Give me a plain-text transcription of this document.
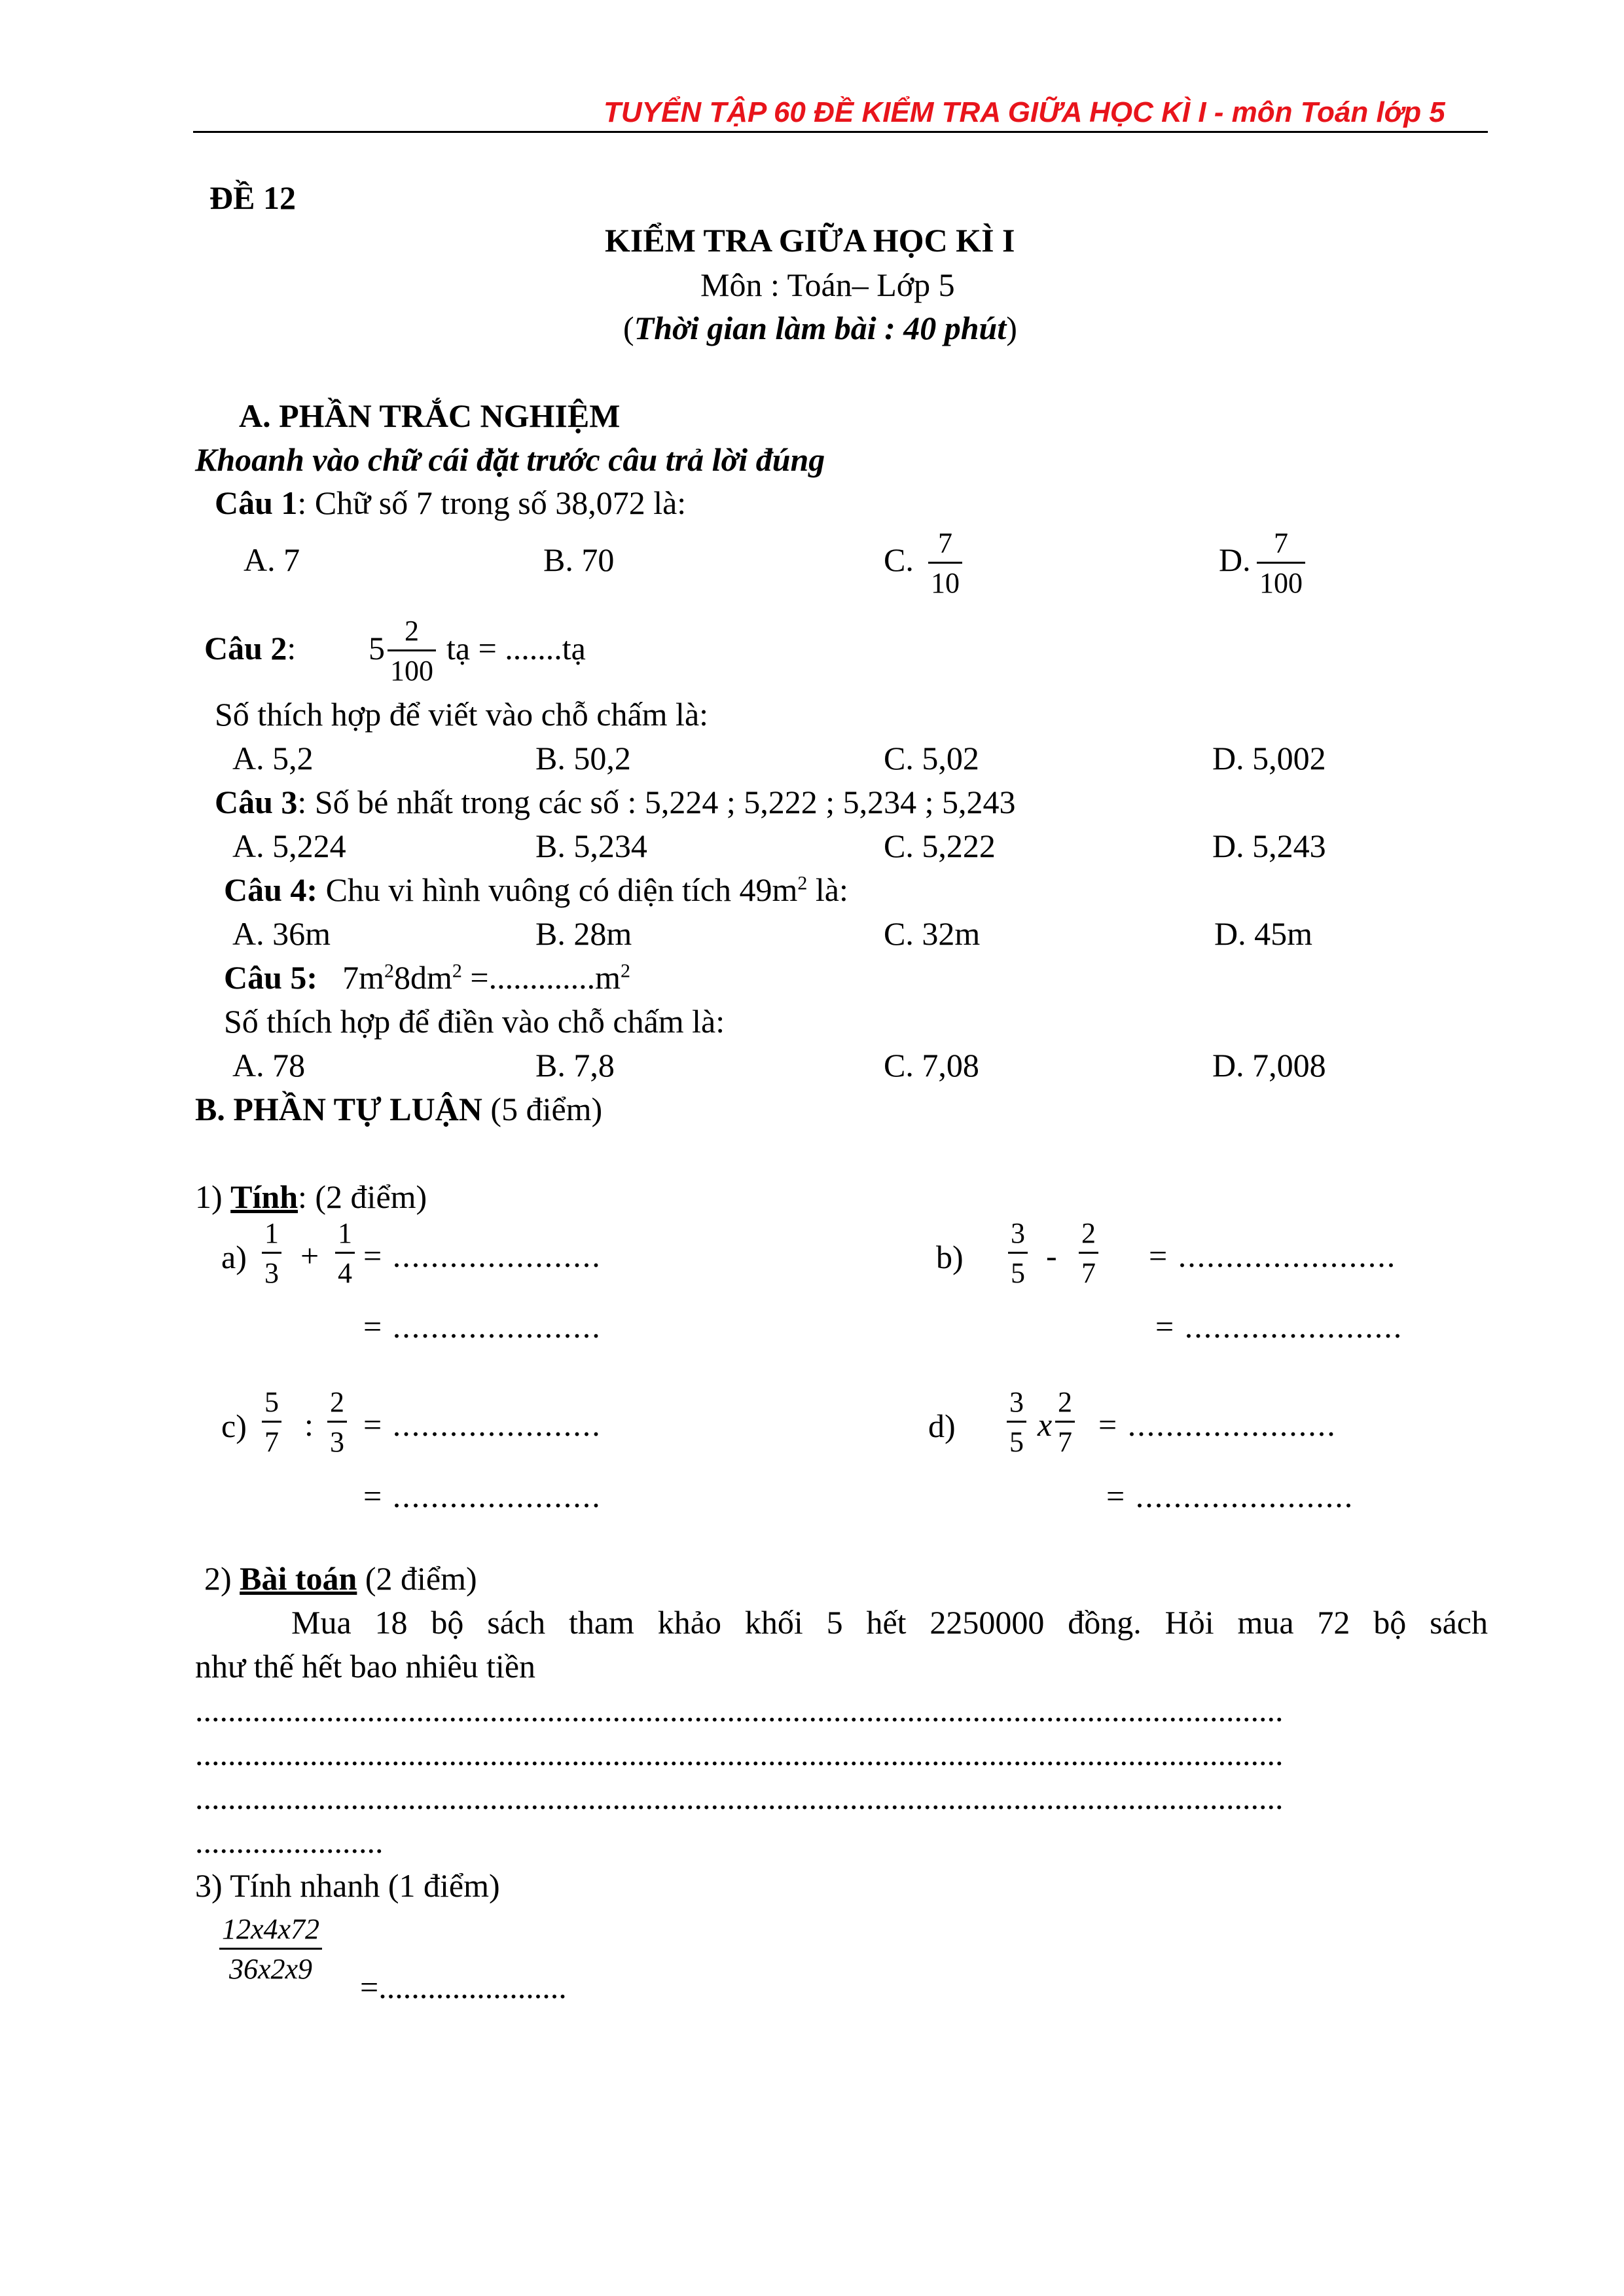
TUYỂN TẬP 60 ĐỀ KIỂM TRA GIỮA HỌC KÌ I - môn Toán lớp 5
ĐỀ 12
KIỂM TRA GIỮA HỌC KÌ I
Môn : Toán– Lớp 5
(Thời gian làm bài : 40 phút)
A. PHẦN TRẮC NGHIỆM
Khoanh vào chữ cái đặt trước câu trả lời đúng
Câu 1: Chữ số 7 trong số 38,072 là:
A. 7	B. 70	C. $\frac{7}{10}$	D. $\frac{7}{100}$
Câu 2: $5 \frac{2}{100}$ tạ = .......tạ
Số thích hợp để viết vào chỗ chấm là:
A. 5,2	B. 50,2	C. 5,02	D. 5,002
Câu 3: Số bé nhất trong các số : 5,224 ; 5,222 ; 5,234 ; 5,243
A. 5,224	B. 5,234	C. 5,222	D. 5,243
Câu 4: Chu vi hình vuông có diện tích $49m^2$ là:
A. 36m	B. 28m	C. 32m	D. 45m
Câu 5: $7m^28dm^2 =.............m^2$
Số thích hợp để điền vào chỗ chấm là:
A. 78	B. 7,8	C. 7,08	D. 7,008
B. PHẦN TỰ LUẬN (5 điểm)
1) Tính: (2 điểm)
$a) \frac{1}{3} + \frac{1}{4}$ = ......................
= ......................
$b) \frac{3}{5} - \frac{2}{7}$ = .......................
= .......................
$c) \frac{5}{7}$ : $\frac{2}{3}$ = ......................
= ......................
$d) \frac{3}{5}$ x $\frac{2}{7}$ = ......................
= .......................
2) Bài toán (2 điểm)
Mua 18 bộ sách tham khảo khối 5 hết 2250000 đồng. Hỏi mua 72 bộ sách
như thế hết bao nhiêu tiền
.....................................................................................................................................
.....................................................................................................................................
.....................................................................................................................................
.......................
3) Tính nhanh (1 điểm)
$\frac{12x4x72}{36x2x9}$
=.......................
